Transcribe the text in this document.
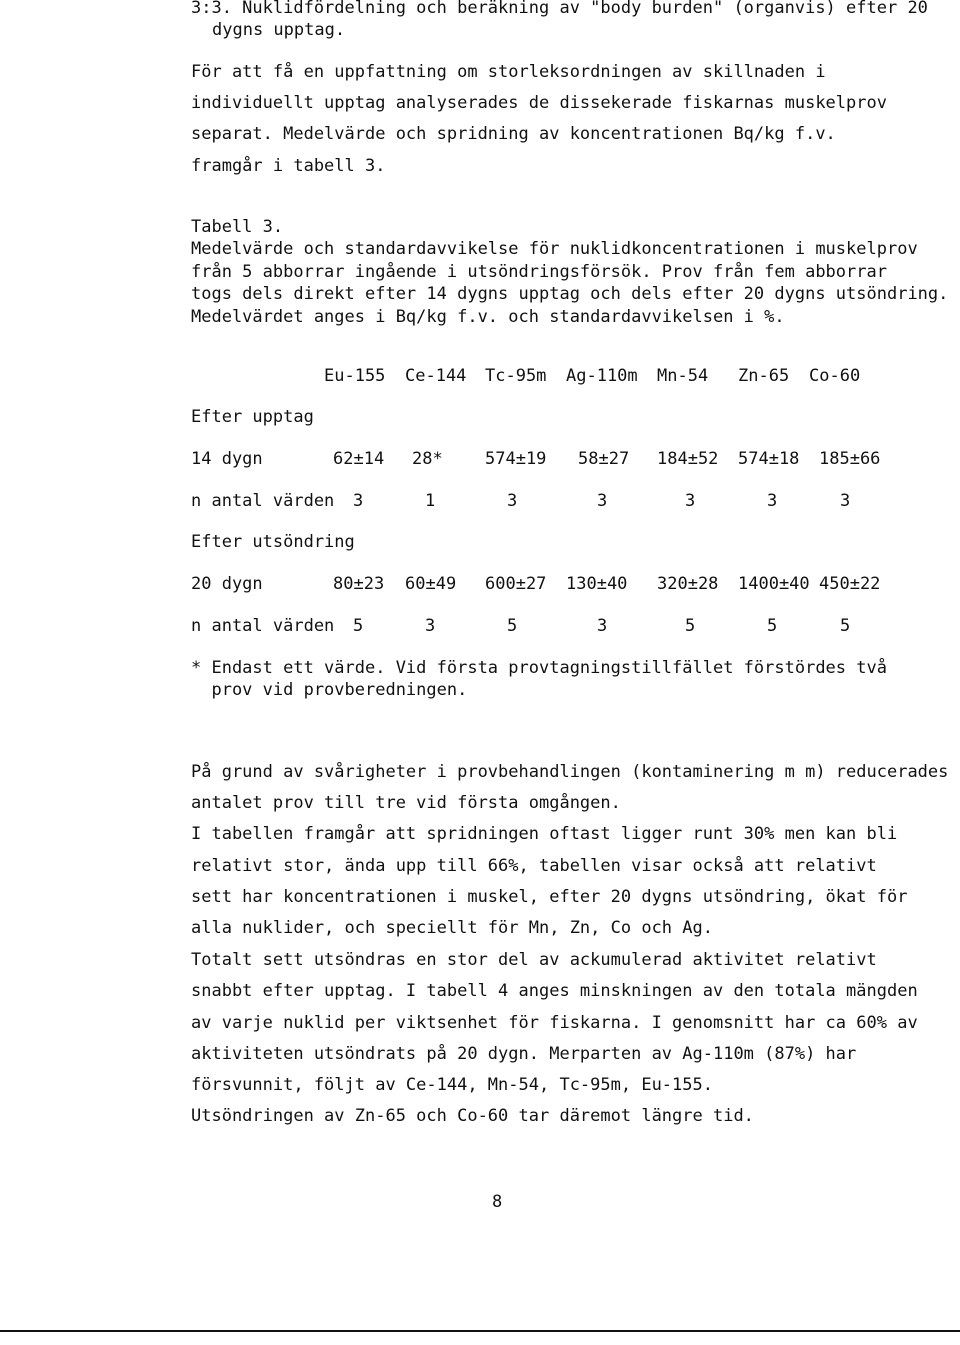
3:3. Nuklidfördelning och beräkning av "body burden" (organvis) efter 20
dygns upptag.
För att få en uppfattning om storleksordningen av skillnaden i
individuellt upptag analyserades de dissekerade fiskarnas muskelprov
separat. Medelvärde och spridning av koncentrationen Bq/kg f.v.
framgår i tabell 3.
Tabell 3.
Medelvärde och standardavvikelse för nuklidkoncentrationen i muskelprov
från 5 abborrar ingående i utsöndringsförsök. Prov från fem abborrar
togs dels direkt efter 14 dygns upptag och dels efter 20 dygns utsöndring.
Medelvärdet anges i Bq/kg f.v. och standardavvikelsen i %.
Eu-155 Ce-144 Tc-95m Ag-110m Mn-54 Zn-65 Co-60
Efter upptag
14 dygn	62±14 28* 574±19 58±27 184±52 574±18 185±66
n antal värden 3	1	3	3	3	3	3
Efter utsöndring
20 dygn	80±23 60±49 600±27 130±40 320±28 1400±40 450±22
n antal värden 5	3	5	3	5	5	5
* Endast ett värde. Vid första provtagningstillfället förstördes två
prov vid provberedningen.
På grund av svårigheter i provbehandlingen (kontaminering m m) reducerades
antalet prov till tre vid första omgången.
I tabellen framgår att spridningen oftast ligger runt 30% men kan bli
relativt stor, ända upp till 66%, tabellen visar också att relativt
sett har koncentrationen i muskel, efter 20 dygns utsöndring, ökat för
alla nuklider, och speciellt för Mn, Zn, Co och Ag.
Totalt sett utsöndras en stor del av ackumulerad aktivitet relativt
snabbt efter upptag. I tabell 4 anges minskningen av den totala mängden
av varje nuklid per viktsenhet för fiskarna. I genomsnitt har ca 60% av
aktiviteten utsöndrats på 20 dygn. Merparten av Ag-110m (87%) har
försvunnit, följt av Ce-144, Mn-54, Tc-95m, Eu-155.
Utsöndringen av Zn-65 och Co-60 tar däremot längre tid.
8
